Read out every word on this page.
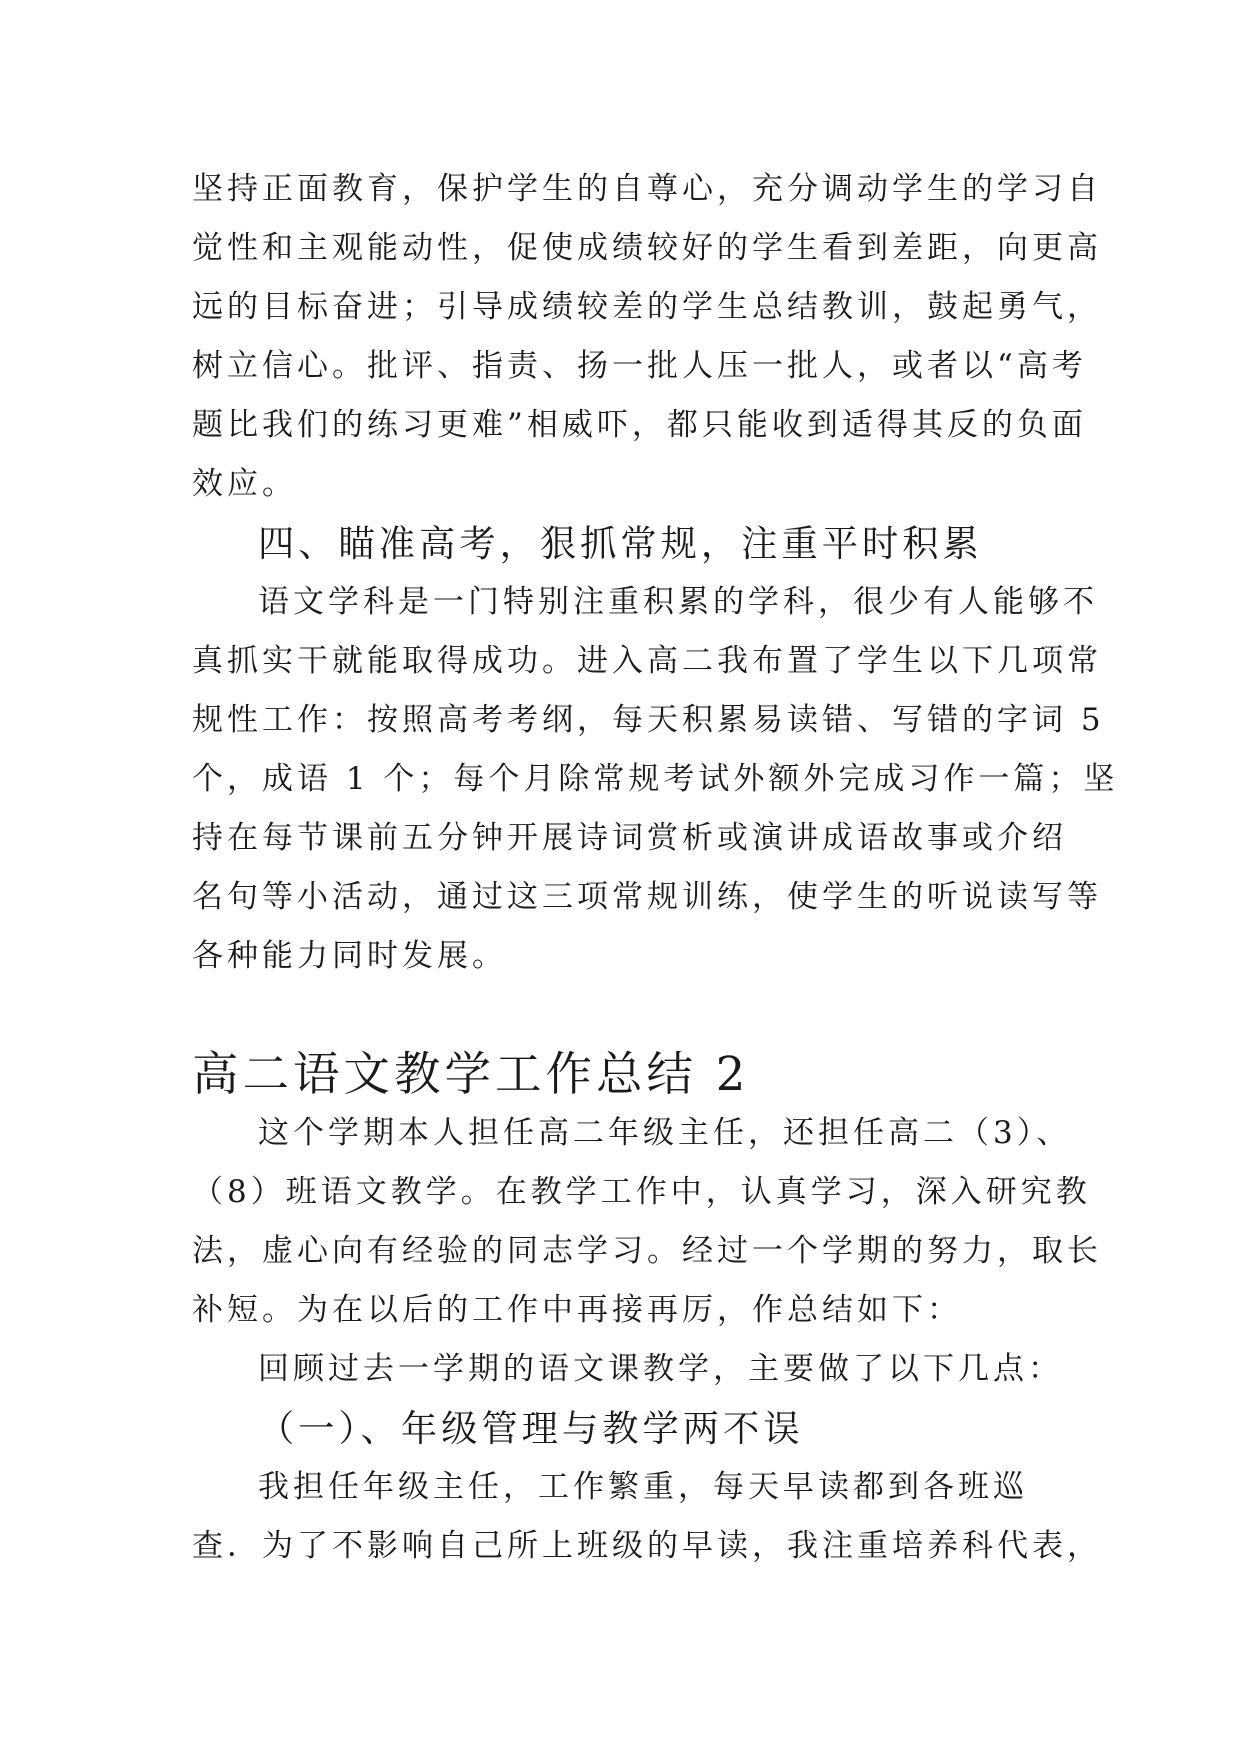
坚持正面教育，保护学生的自尊心，充分调动学生的学习自

觉性和主观能动性，促使成绩较好的学生看到差距，向更高

远的目标奋进；引导成绩较差的学生总结教训，鼓起勇气，

树立信心。批评、指责、扬一批人压一批人，或者以“高考

题比我们的练习更难”相威吓，都只能收到适得其反的负面

效应。

四、瞄准高考，狠抓常规，注重平时积累

语文学科是一门特别注重积累的学科，很少有人能够不

真抓实干就能取得成功。进入高二我布置了学生以下几项常

规性工作：按照高考考纲，每天积累易读错、写错的字词 5

个，成语 1 个；每个月除常规考试外额外完成习作一篇；坚

持在每节课前五分钟开展诗词赏析或演讲成语故事或介绍

名句等小活动，通过这三项常规训练，使学生的听说读写等

各种能力同时发展。

高二语文教学工作总结 2

这个学期本人担任高二年级主任，还担任高二（3）、

（8）班语文教学。在教学工作中，认真学习，深入研究教

法，虚心向有经验的同志学习。经过一个学期的努力，取长

补短。为在以后的工作中再接再厉，作总结如下：

回顾过去一学期的语文课教学，主要做了以下几点：

（一）、年级管理与教学两不误

我担任年级主任，工作繁重，每天早读都到各班巡

查．为了不影响自己所上班级的早读，我注重培养科代表，
